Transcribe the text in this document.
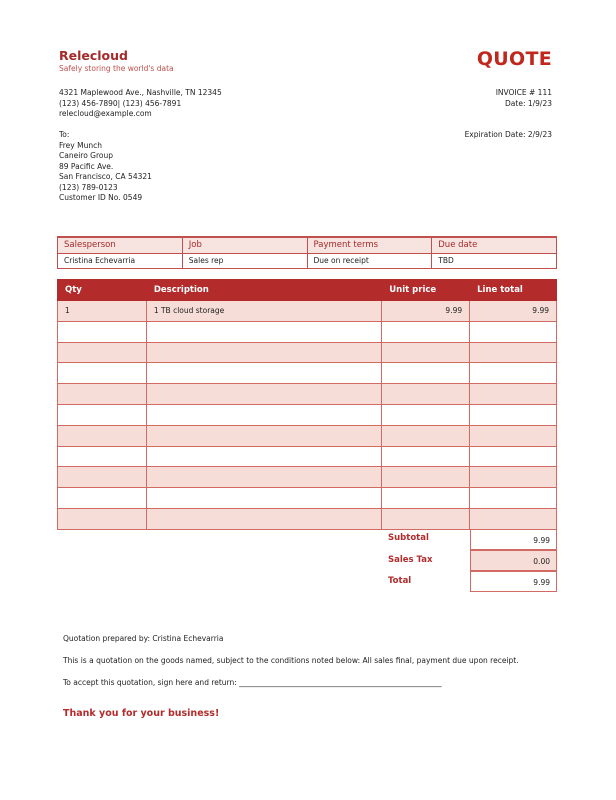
Relecloud
Safely storing the world's data	QUOTE
4321 Maplewood Ave., Nashville, TN 12345
(123) 456-7890| (123) 456-7891
relecloud@example.com
INVOICE # 111
Date: 1/9/23
Expiration Date: 2/9/23
To:
Frey Munch
Caneiro Group
89 Pacific Ave.
San Francisco, CA 54321
(123) 789-0123
Customer ID No. 0549
Salesperson	Job	Payment terms	Due date
Cristina Echevarria	Sales rep	Due on receipt	TBD
Qty	Description	Unit price	Line total
1	1 TB cloud storage	9.99	9.99

Subtotal	9.99
Sales Tax	0.00
Total	9.99
Quotation prepared by: Cristina Echevarria
This is a quotation on the goods named, subject to the conditions noted below: All sales final, payment due upon receipt.
To accept this quotation, sign here and return: ______________________________________________________
Thank you for your business!
